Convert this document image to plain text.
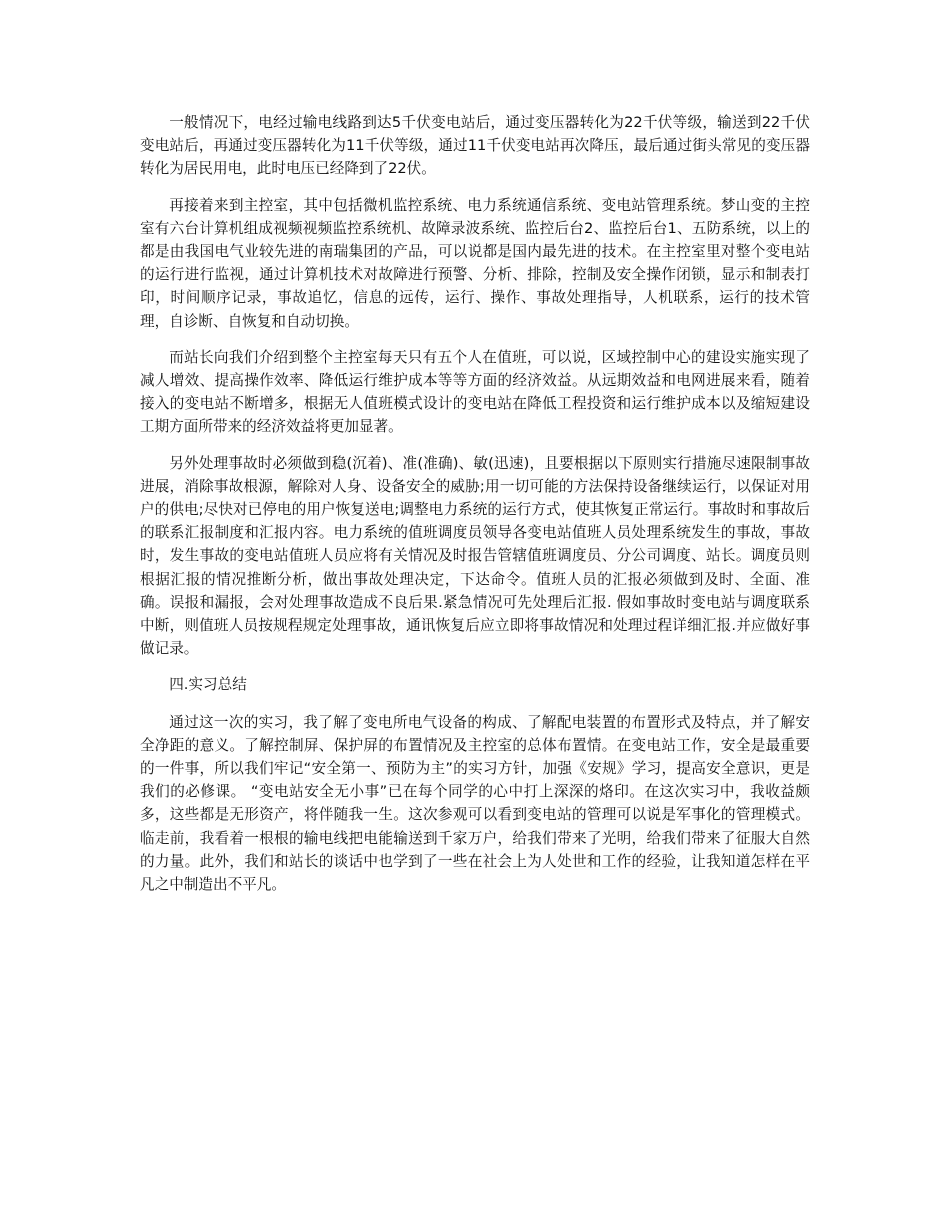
一般情况下，电经过输电线路到达5千伏变电站后，通过变压器转化为22千伏等级，输送到22千伏变电站后，再通过变压器转化为11千伏等级，通过11千伏变电站再次降压，最后通过街头常见的变压器转化为居民用电，此时电压已经降到了22伏。

再接着来到主控室，其中包括微机监控系统、电力系统通信系统、变电站管理系统。梦山变的主控室有六台计算机组成视频视频监控系统机、故障录波系统、监控后台2、监控后台1、五防系统，以上的都是由我国电气业较先进的南瑞集团的产品，可以说都是国内最先进的技术。在主控室里对整个变电站的运行进行监视，通过计算机技术对故障进行预警、分析、排除，控制及安全操作闭锁，显示和制表打印，时间顺序记录，事故追忆，信息的远传，运行、操作、事故处理指导，人机联系，运行的技术管理，自诊断、自恢复和自动切换。

而站长向我们介绍到整个主控室每天只有五个人在值班，可以说，区域控制中心的建设实施实现了减人增效、提高操作效率、降低运行维护成本等等方面的经济效益。从远期效益和电网进展来看，随着接入的变电站不断增多，根据无人值班模式设计的变电站在降低工程投资和运行维护成本以及缩短建设工期方面所带来的经济效益将更加显著。

另外处理事故时必须做到稳(沉着)、准(准确)、敏(迅速)，且要根据以下原则实行措施尽速限制事故进展，消除事故根源，解除对人身、设备安全的威胁;用一切可能的方法保持设备继续运行，以保证对用户的供电;尽快对已停电的用户恢复送电;调整电力系统的运行方式，使其恢复正常运行。事故时和事故后的联系汇报制度和汇报内容。电力系统的值班调度员领导各变电站值班人员处理系统发生的事故，事故时，发生事故的变电站值班人员应将有关情况及时报告管辖值班调度员、分公司调度、站长。调度员则根据汇报的情况推断分析，做出事故处理决定，下达命令。值班人员的汇报必须做到及时、全面、准确。误报和漏报，会对处理事故造成不良后果.紧急情况可先处理后汇报. 假如事故时变电站与调度联系中断，则值班人员按规程规定处理事故，通讯恢复后应立即将事故情况和处理过程详细汇报.并应做好事做记录。

四.实习总结

通过这一次的实习，我了解了变电所电气设备的构成、了解配电装置的布置形式及特点，并了解安全净距的意义。了解控制屏、保护屏的布置情况及主控室的总体布置情。在变电站工作，安全是最重要的一件事，所以我们牢记“安全第一、预防为主”的实习方针，加强《安规》学习，提高安全意识，更是我们的必修课。 “变电站安全无小事”已在每个同学的心中打上深深的烙印。在这次实习中，我收益颇多，这些都是无形资产，将伴随我一生。这次参观可以看到变电站的管理可以说是军事化的管理模式。临走前，我看着一根根的输电线把电能输送到千家万户，给我们带来了光明，给我们带来了征服大自然的力量。此外，我们和站长的谈话中也学到了一些在社会上为人处世和工作的经验，让我知道怎样在平凡之中制造出不平凡。
